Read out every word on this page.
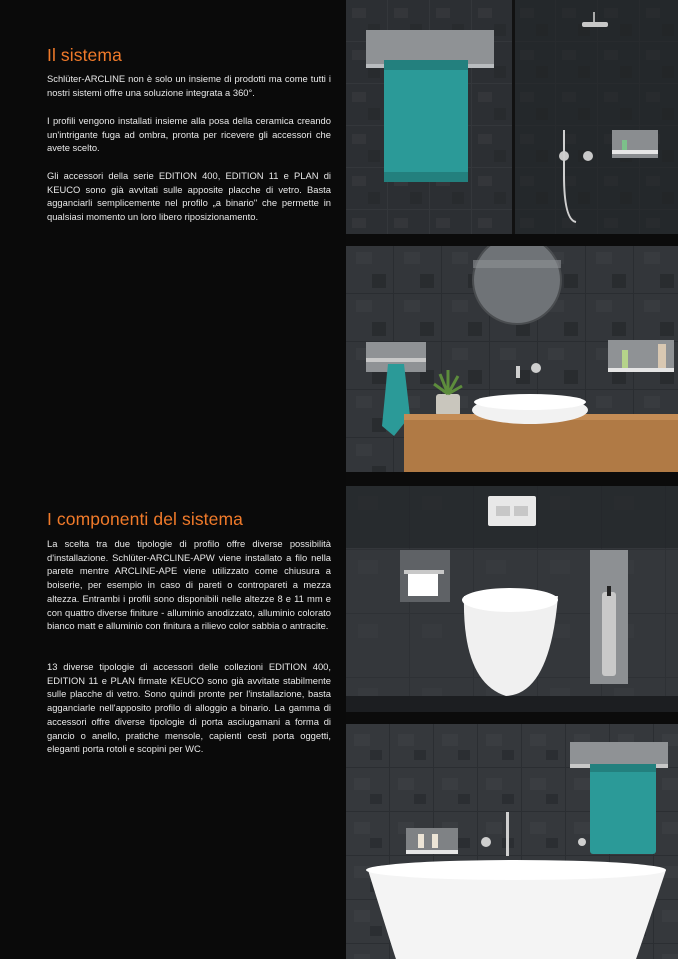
Il sistema

Schlüter-ARCLINE non è solo un insieme di prodotti ma come tutti i nostri sistemi offre una soluzione integrata a 360°.

I profili vengono installati insieme alla posa della ceramica creando un'intrigante fuga ad ombra, pronta per ricevere gli accessori che avete scelto.

Gli accessori della serie EDITION 400, EDITION 11 e PLAN di KEUCO sono già avvitati sulle apposite placche di vetro. Basta agganciarli semplicemente nel profilo „a binario" che permette in qualsiasi momento un loro libero riposizionamento.

I componenti del sistema

La scelta tra due tipologie di profilo offre diverse possibilità d'installazione. Schlüter-ARCLINE-APW viene installato a filo nella parete mentre ARCLINE-APE viene utilizzato come chiusura a boiserie, per esempio in caso di pareti o contropareti a mezza altezza. Entrambi i profili sono disponibili nelle altezze 8 e 11 mm e con quattro diverse finiture - alluminio anodizzato, alluminio colorato bianco matt e alluminio con finitura a rilievo color sabbia o antracite.

13 diverse tipologie di accessori delle collezioni EDITION 400, EDITION 11 e PLAN firmate KEUCO sono già avvitate stabilmente sulle placche di vetro. Sono quindi pronte per l'installazione, basta agganciarle nell'apposito profilo di alloggio a binario. La gamma di accessori offre diverse tipologie di porta asciugamani a forma di gancio o anello, pratiche mensole, capienti cesti porta oggetti, eleganti porta rotoli e scopini per WC.
